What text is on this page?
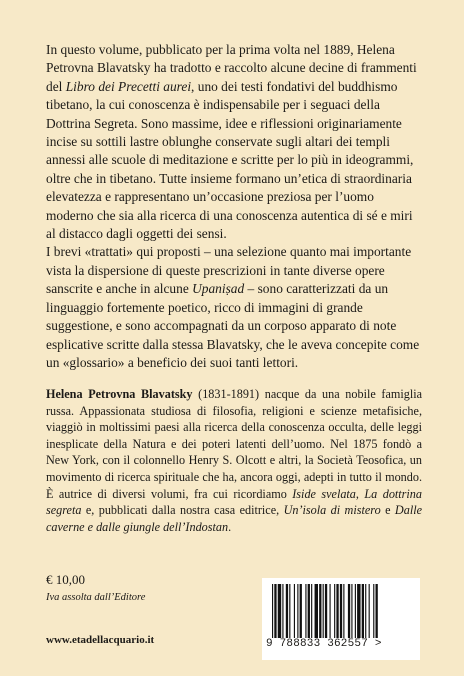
In questo volume, pubblicato per la prima volta nel 1889, Helena Petrovna Blavatsky ha tradotto e raccolto alcune decine di frammenti del Libro dei Precetti aurei, uno dei testi fondativi del buddhismo tibetano, la cui conoscenza è indispensabile per i seguaci della Dottrina Segreta. Sono massime, idee e riflessioni originariamente incise su sottili lastre oblunghe conservate sugli altari dei templi annessi alle scuole di meditazione e scritte per lo più in ideogrammi, oltre che in tibetano. Tutte insieme formano un’etica di straordinaria elevatezza e rappresentano un’occasione preziosa per l’uomo moderno che sia alla ricerca di una conoscenza autentica di sé e miri al distacco dagli oggetti dei sensi.

I brevi «trattati» qui proposti – una selezione quanto mai importante vista la dispersione di queste prescrizioni in tante diverse opere sanscrite e anche in alcune Upaniṣad – sono caratterizzati da un linguaggio fortemente poetico, ricco di immagini di grande suggestione, e sono accompagnati da un corposo apparato di note esplicative scritte dalla stessa Blavatsky, che le aveva concepite come un «glossario» a beneficio dei suoi tanti lettori.

Helena Petrovna Blavatsky (1831-1891) nacque da una nobile famiglia russa. Appassionata studiosa di filosofia, religioni e scienze metafisiche, viaggiò in moltissimi paesi alla ricerca della conoscenza occulta, delle leggi inesplicate della Natura e dei poteri latenti dell’uomo. Nel 1875 fondò a New York, con il colonnello Henry S. Olcott e altri, la Società Teosofica, un movimento di ricerca spirituale che ha, ancora oggi, adepti in tutto il mondo. È autrice di diversi volumi, fra cui ricordiamo Iside svelata, La dottrina segreta e, pubblicati dalla nostra casa editrice, Un’isola di mistero e Dalle caverne e dalle giungle dell’Indostan.

€ 10,00
Iva assolta dall’Editore
www.etadellacquario.it	9 788833 362557 >
